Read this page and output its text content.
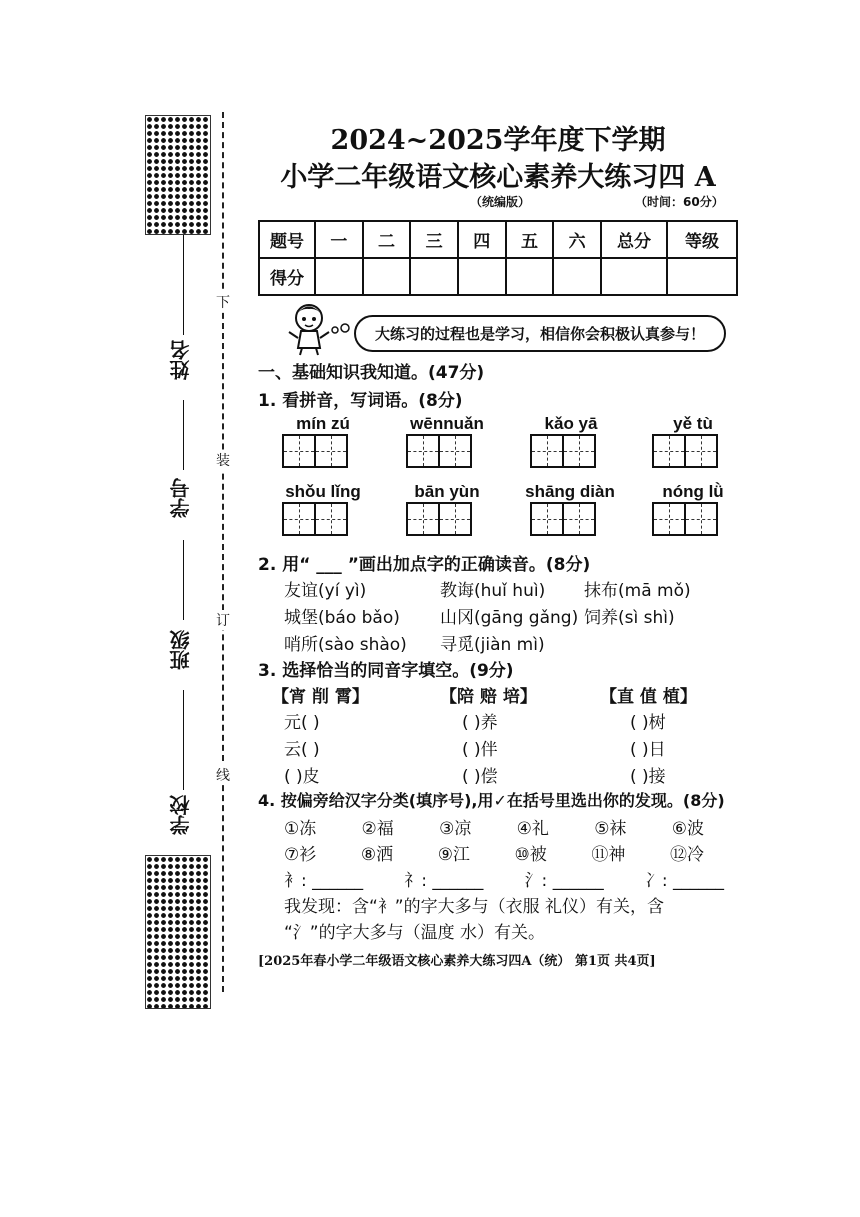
姓名
学号
班级
学校
下
装
订
线
2024~2025学年度下学期
小学二年级语文核心素养大练习四 A
（统编版）	（时间：60分）
题号	一	二	三	四	五	六	总分	等级
得分								
大练习的过程也是学习，相信你会积极认真参与！
一、基础知识我知道。(47分)
1. 看拼音，写词语。(8分)
mín zú	wēnnuǎn	kǎo yā	yě tù
shǒu lǐng	bān yùn	shāng diàn	nóng lǜ
2. 用“ ___ ”画出加点字的正确读音。(8分)
友谊(yí yì)	教诲(huǐ huì) 抹布(mā mǒ)
城堡(báo bǎo) 山冈(gāng gǎng) 饲养(sì shì)
哨所(sào shào) 寻觅(jiàn mì)
3. 选择恰当的同音字填空。(9分)
【宵 削 霄】	【陪 赔 培】	【直 值 植】
元( )	( )养	( )树
云( )	( )伴	( )日
( )皮	( )偿	( )接
4. 按偏旁给汉字分类(填序号),用✓在括号里选出你的发现。(8分)
①冻	②福	③凉	④礼	⑤袜	⑥波
⑦衫	⑧洒	⑨江	⑩被	⑪神	⑫冷
衤: ______ 礻: ______ 氵: ______ 冫: ______
我发现：含“衤”的字大多与（衣服 礼仪）有关，含
“氵”的字大多与（温度 水）有关。
[2025年春小学二年级语文核心素养大练习四A（统） 第1页 共4页]
